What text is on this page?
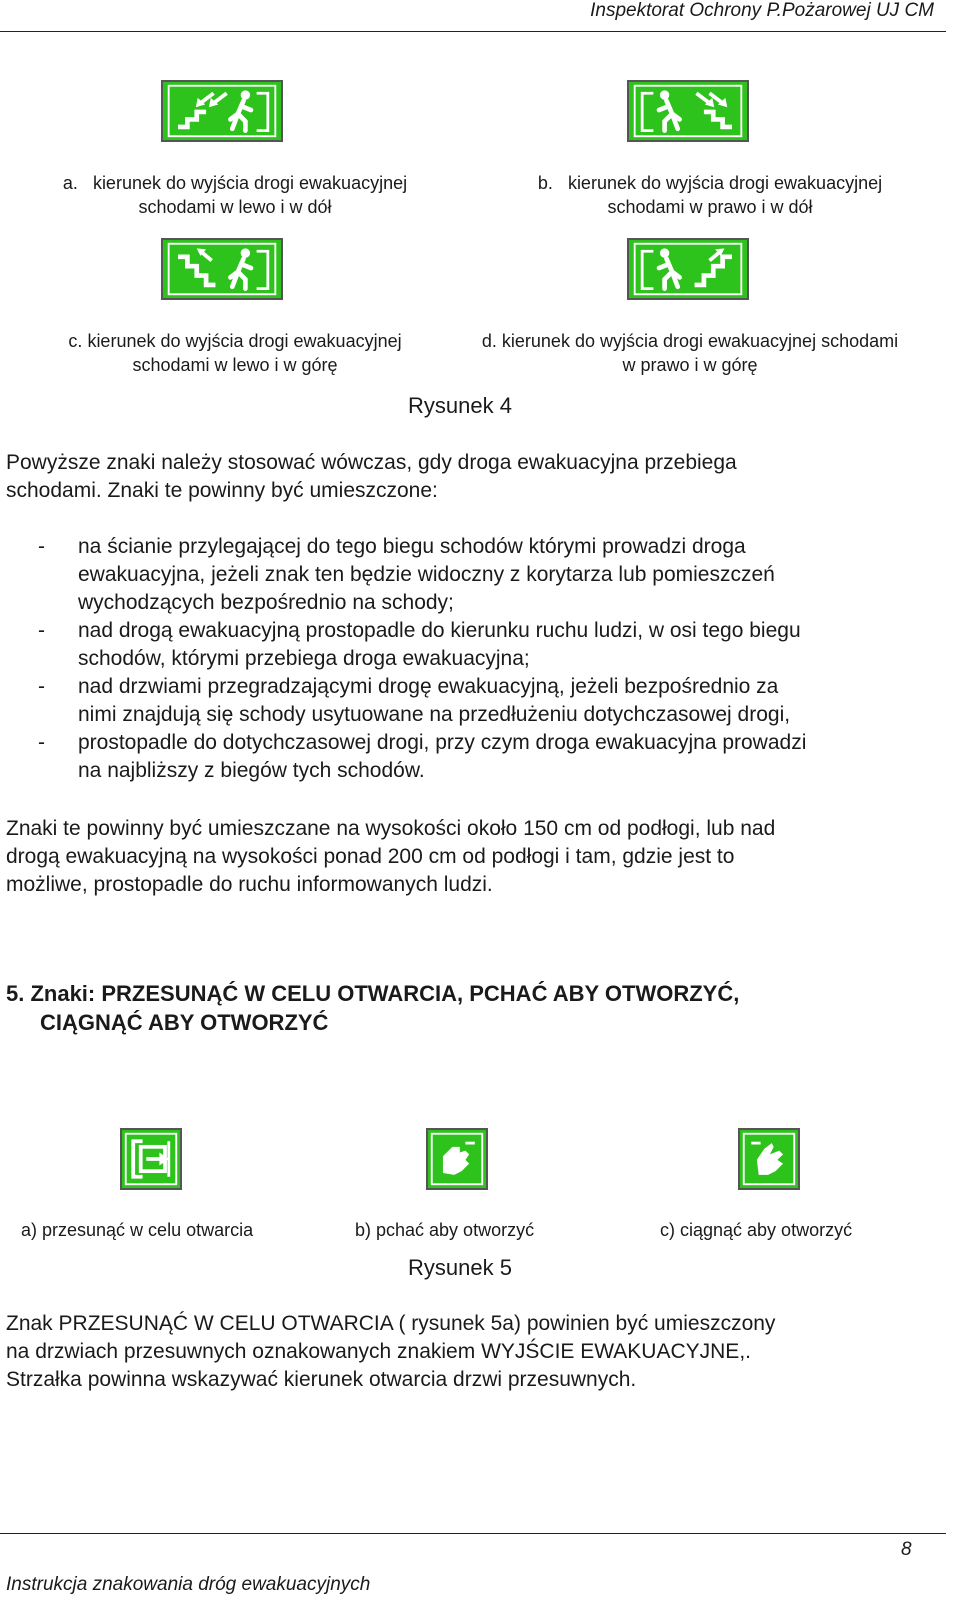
Inspektorat Ochrony P.Pożarowej UJ CM
a. kierunek do wyjścia drogi ewakuacyjnej
schodami w lewo i w dół
b. kierunek do wyjścia drogi ewakuacyjnej
schodami w prawo i w dół
c. kierunek do wyjścia drogi ewakuacyjnej
schodami w lewo i w górę
d. kierunek do wyjścia drogi ewakuacyjnej schodami
w prawo i w górę
Rysunek 4
Powyższe znaki należy stosować wówczas, gdy droga ewakuacyjna przebiega
schodami. Znaki te powinny być umieszczone:
- na ścianie przylegającej do tego biegu schodów którymi prowadzi droga
ewakuacyjna, jeżeli znak ten będzie widoczny z korytarza lub pomieszczeń
wychodzących bezpośrednio na schody;
- nad drogą ewakuacyjną prostopadle do kierunku ruchu ludzi, w osi tego biegu
schodów, którymi przebiega droga ewakuacyjna;
- nad drzwiami przegradzającymi drogę ewakuacyjną, jeżeli bezpośrednio za
nimi znajdują się schody usytuowane na przedłużeniu dotychczasowej drogi,
- prostopadle do dotychczasowej drogi, przy czym droga ewakuacyjna prowadzi
na najbliższy z biegów tych schodów.
Znaki te powinny być umieszczane na wysokości około 150 cm od podłogi, lub nad
drogą ewakuacyjną na wysokości ponad 200 cm od podłogi i tam, gdzie jest to
możliwe, prostopadle do ruchu informowanych ludzi.
5. Znaki: PRZESUNĄĆ W CELU OTWARCIA, PCHAĆ ABY OTWORZYĆ,
CIĄGNĄĆ ABY OTWORZYĆ
a) przesunąć w celu otwarcia	b) pchać aby otworzyć	c) ciągnąć aby otworzyć
Rysunek 5
Znak PRZESUNĄĆ W CELU OTWARCIA ( rysunek 5a) powinien być umieszczony
na drzwiach przesuwnych oznakowanych znakiem WYJŚCIE EWAKUACYJNE,.
Strzałka powinna wskazywać kierunek otwarcia drzwi przesuwnych.
Instrukcja znakowania dróg ewakuacyjnych
8
